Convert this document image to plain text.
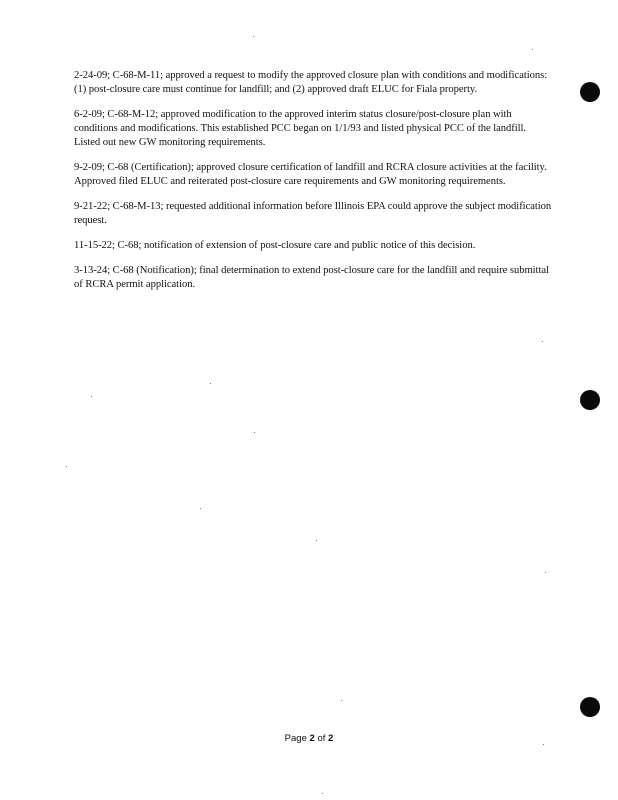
2-24-09; C-68-M-11; approved a request to modify the approved closure plan with conditions and modifications: (1) post-closure care must continue for landfill; and (2) approved draft ELUC for Fiala property.

6-2-09; C-68-M-12; approved modification to the approved interim status closure/post-closure plan with conditions and modifications. This established PCC began on 1/1/93 and listed physical PCC of the landfill. Listed out new GW monitoring requirements.

9-2-09; C-68 (Certification); approved closure certification of landfill and RCRA closure activities at the facility. Approved filed ELUC and reiterated post-closure care requirements and GW monitoring requirements.

9-21-22; C-68-M-13; requested additional information before Illinois EPA could approve the subject modification request.

11-15-22; C-68; notification of extension of post-closure care and public notice of this decision.

3-13-24; C-68 (Notification); final determination to extend post-closure care for the landfill and require submittal of RCRA permit application.

Page 2 of 2
